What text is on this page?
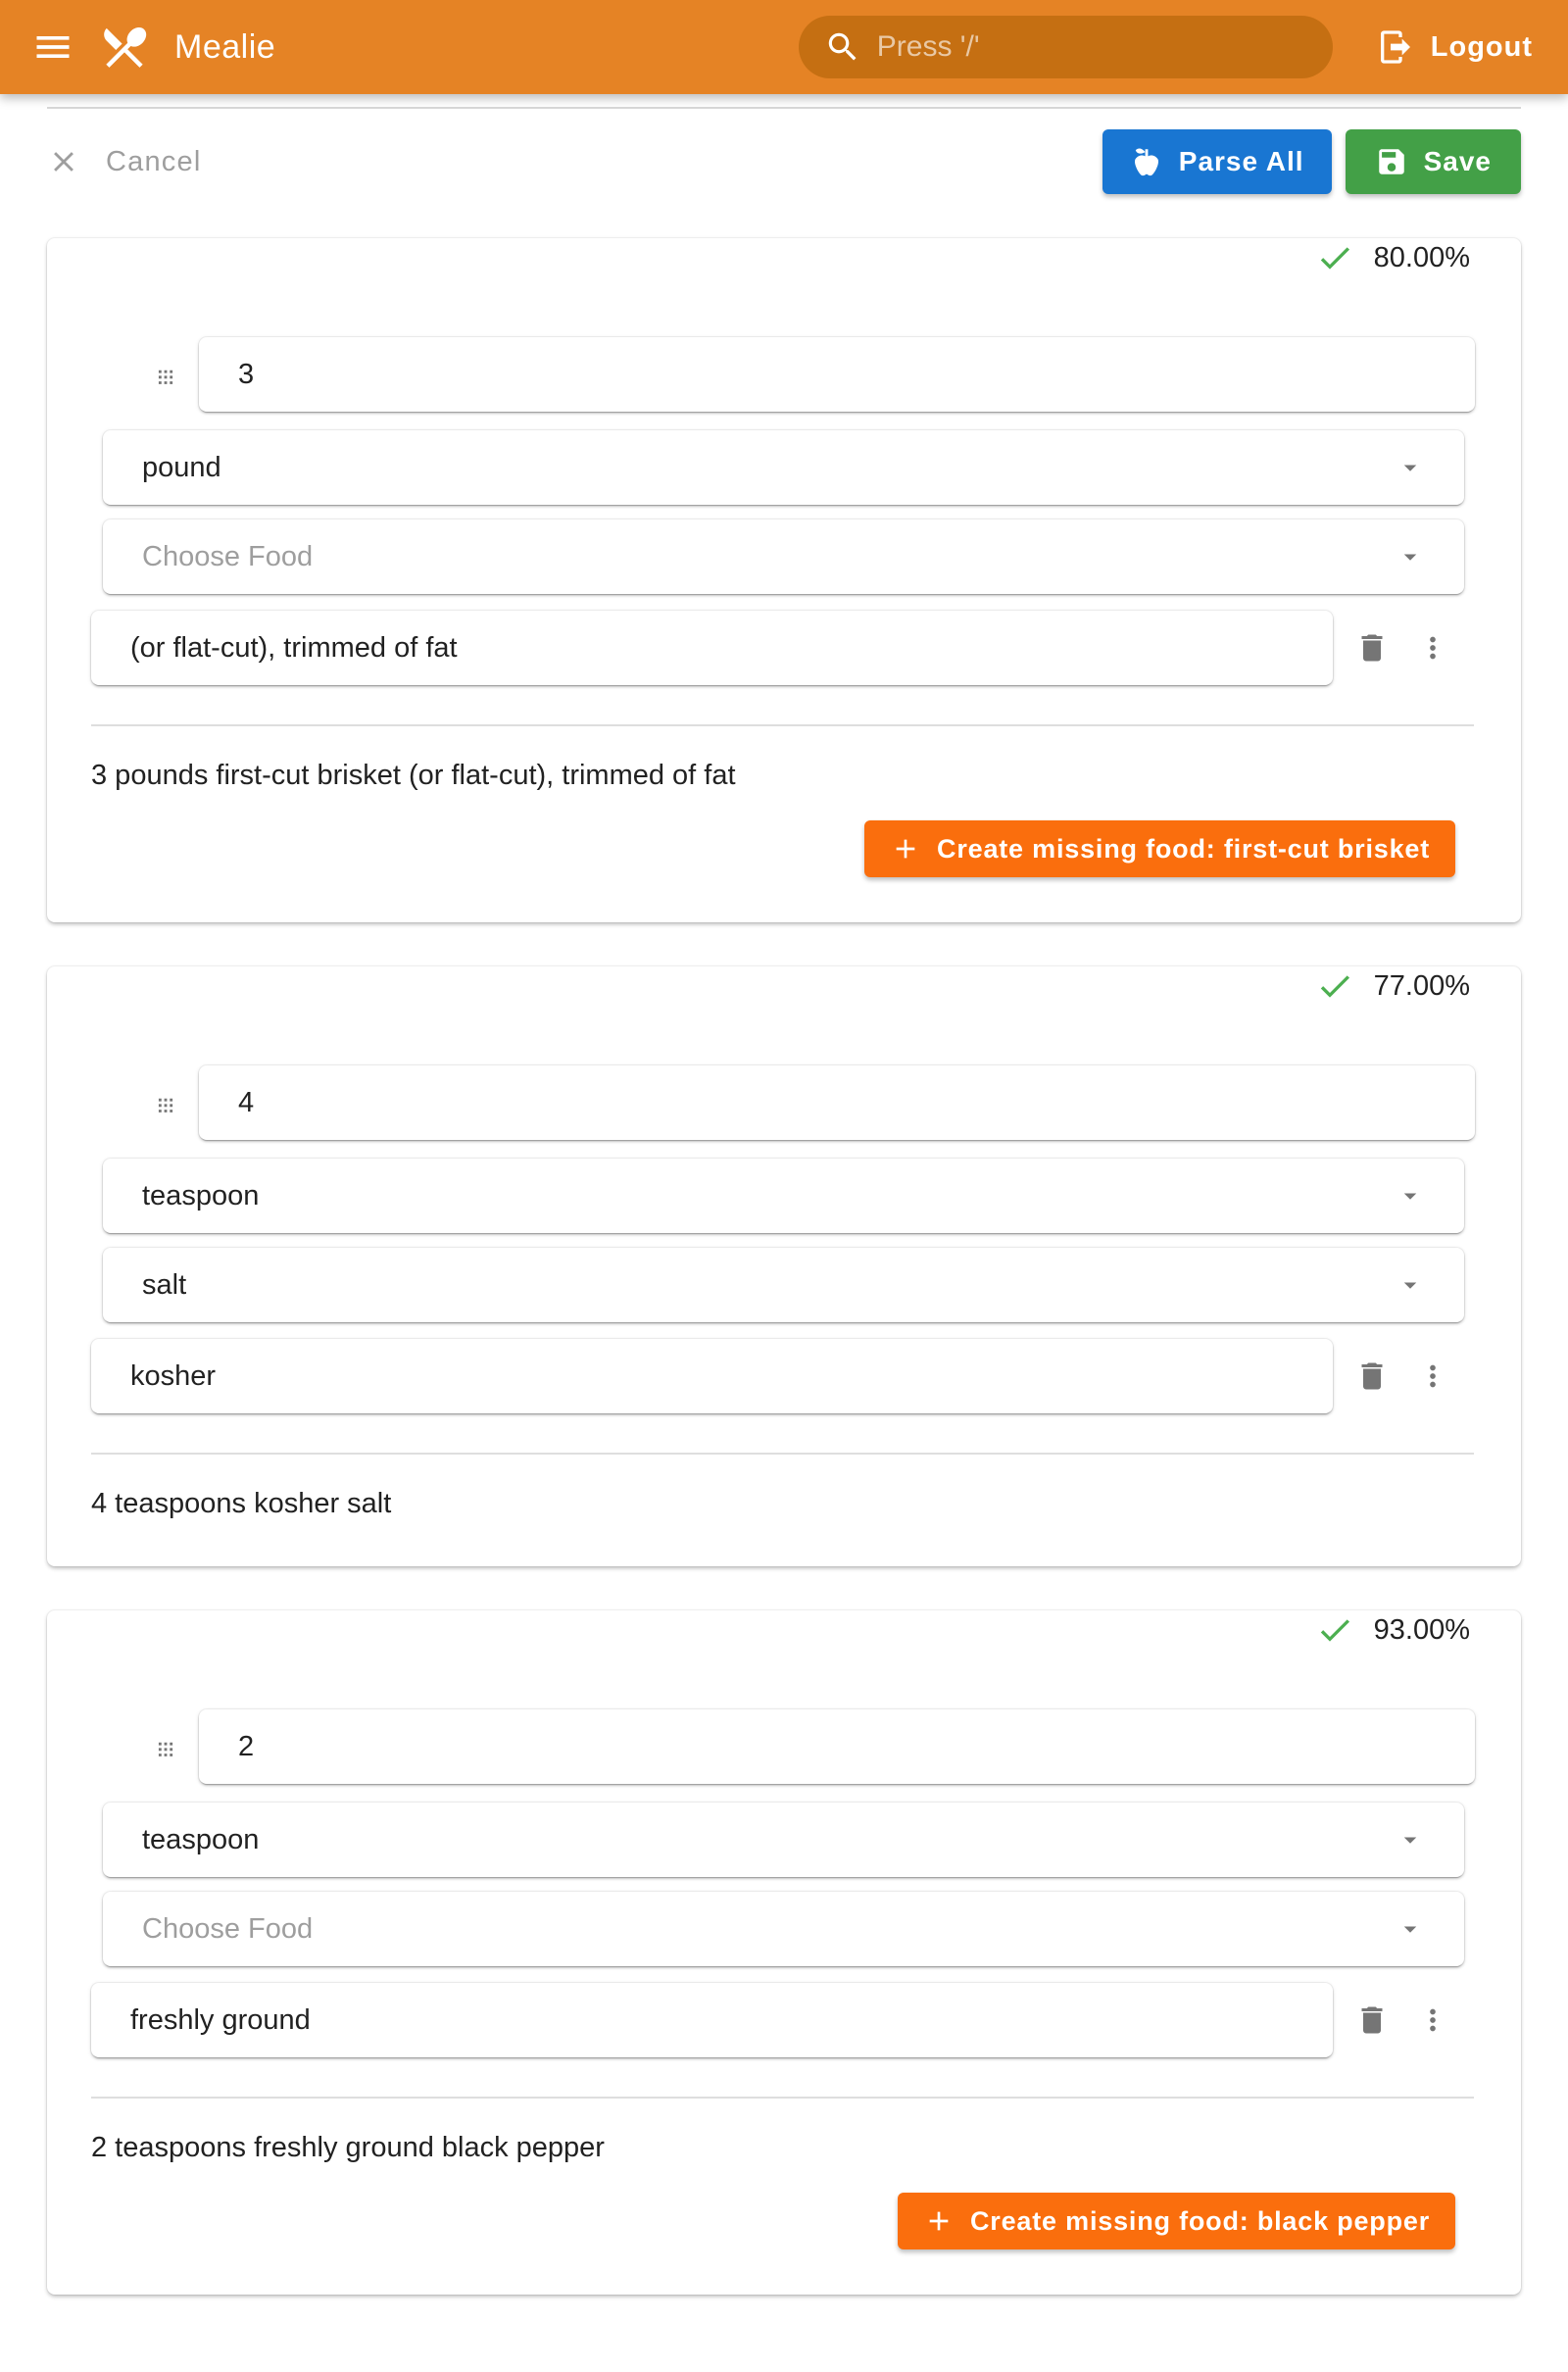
Mealie	Press '/'	Logout
Cancel	Parse All	Save
80.00%
3
pound
Choose Food
(or flat-cut), trimmed of fat

3 pounds first-cut brisket (or flat-cut), trimmed of fat

Create missing food: first-cut brisket
77.00%
4
teaspoon
salt
kosher

4 teaspoons kosher salt

93.00%
2
teaspoon
Choose Food
freshly ground

2 teaspoons freshly ground black pepper

Create missing food: black pepper
